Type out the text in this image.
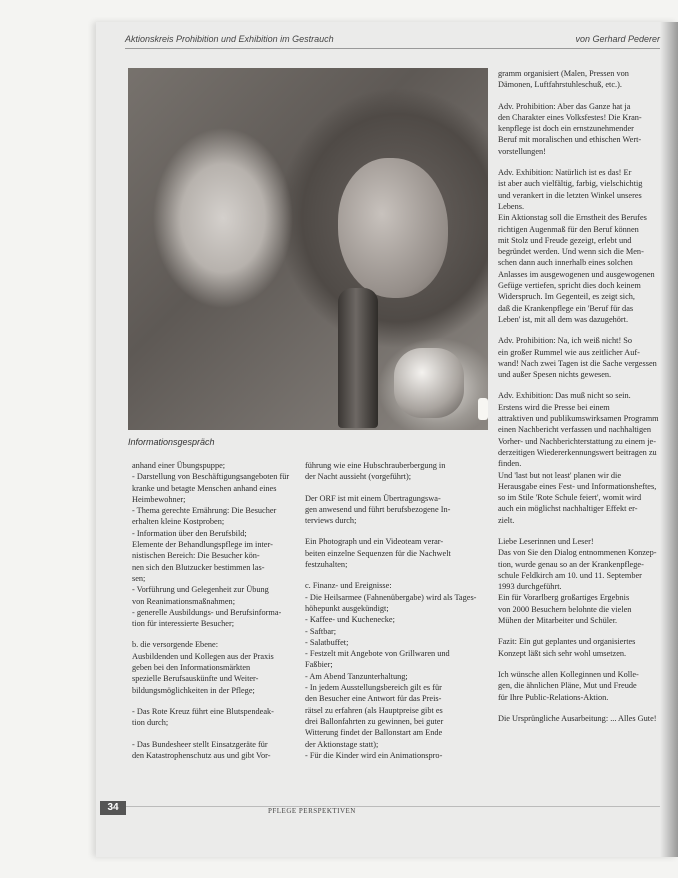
Aktionskreis Prohibition und Exhibition im Gestrauch	von Gerhard Pederer
Informationsgespräch
anhand einer Übungspuppe;
- Darstellung von Beschäftigungsangeboten für
kranke und betagte Menschen anhand eines
Heimbewohner;
- Thema gerechte Ernährung: Die Besucher
erhalten kleine Kostproben;
- Information über den Berufsbild;
Elemente der Behandlungspflege im inter-
nistischen Bereich: Die Besucher kön-
nen sich den Blutzucker bestimmen las-
sen;
- Vorführung und Gelegenheit zur Übung
von Reanimationsmaßnahmen;
- generelle Ausbildungs- und Berufsinforma-
tion für interessierte Besucher;
b. die versorgende Ebene:
Ausbildenden und Kollegen aus der Praxis
geben bei den Informationsmärkten
spezielle Berufsauskünfte und Weiter-
bildungsmöglichkeiten in der Pflege;
- Das Rote Kreuz führt eine Blutspendeak-
tion durch;
- Das Bundesheer stellt Einsatzgeräte für
den Katastrophenschutz aus und gibt Vor-
führung wie eine Hubschrauberbergung in
der Nacht aussieht (vorgeführt);
Der ORF ist mit einem Übertragungswa-
gen anwesend und führt berufsbezogene In-
terviews durch;
Ein Photograph und ein Videoteam verar-
beiten einzelne Sequenzen für die Nachwelt
festzuhalten;
c. Finanz- und Ereignisse:
- Die Heilsarmee (Fahnenübergabe) wird als Tages-
höhepunkt ausgekündigt;
- Kaffee- und Kuchenecke;
- Saftbar;
- Salatbuffet;
- Festzelt mit Angebote von Grillwaren und
Faßbier;
- Am Abend Tanzunterhaltung;
- In jedem Ausstellungsbereich gilt es für
den Besucher eine Antwort für das Preis-
rätsel zu erfahren (als Hauptpreise gibt es
drei Ballonfahrten zu gewinnen, bei guter
Witterung findet der Ballonstart am Ende
der Aktionstage statt);
- Für die Kinder wird ein Animationspro-
gramm organisiert (Malen, Pressen von
Dämonen, Luftfahrstuhleschuß, etc.).
Adv. Prohibition: Aber das Ganze hat ja
den Charakter eines Volksfestes! Die Kran-
kenpflege ist doch ein ernstzunehmender
Beruf mit moralischen und ethischen Wert-
vorstellungen!
Adv. Exhibition: Natürlich ist es das! Er
ist aber auch vielfältig, farbig, vielschichtig
und verankert in die letzten Winkel unseres
Lebens.
Ein Aktionstag soll die Ernstheit des Berufes
richtigen Augenmaß für den Beruf können
mit Stolz und Freude gezeigt, erlebt und
begründet werden. Und wenn sich die Men-
schen dann auch innerhalb eines solchen
Anlasses im ausgewogenen und ausgewogenen
Gefüge vertiefen, spricht dies doch keinem
Widerspruch. Im Gegenteil, es zeigt sich,
daß die Krankenpflege ein 'Beruf für das
Leben' ist, mit all dem was dazugehört.
Adv. Prohibition: Na, ich weiß nicht! So
ein großer Rummel wie aus zeitlicher Auf-
wand! Nach zwei Tagen ist die Sache vergessen
und außer Spesen nichts gewesen.
Adv. Exhibition: Das muß nicht so sein.
Erstens wird die Presse bei einem
attraktiven und publikumswirksamen Programm
einen Nachbericht verfassen und nachhaltigen
Vorher- und Nachberichterstattung zu einem je-
derzeitigen Wiedererkennungswert beitragen zu
finden.
Und 'last but not least' planen wir die
Herausgabe eines Fest- und Informationsheftes,
so im Stile 'Rote Schule feiert', womit wird
auch ein möglichst nachhaltiger Effekt er-
zielt.
Liebe Leserinnen und Leser!
Das von Sie den Dialog entnommenen Konzep-
tion, wurde genau so an der Krankenpflege-
schule Feldkirch am 10. und 11. September
1993 durchgeführt.
Ein für Vorarlberg großartiges Ergebnis
von 2000 Besuchern belohnte die vielen
Mühen der Mitarbeiter und Schüler.
Fazit: Ein gut geplantes und organisiertes
Konzept läßt sich sehr wohl umsetzen.
Ich wünsche allen Kolleginnen und Kolle-
gen, die ähnlichen Pläne, Mut und Freude
für Ihre Public-Relations-Aktion.
Die Ursprüngliche Ausarbeitung: ... Alles Gute!
34	PFLEGE PERSPEKTIVEN
